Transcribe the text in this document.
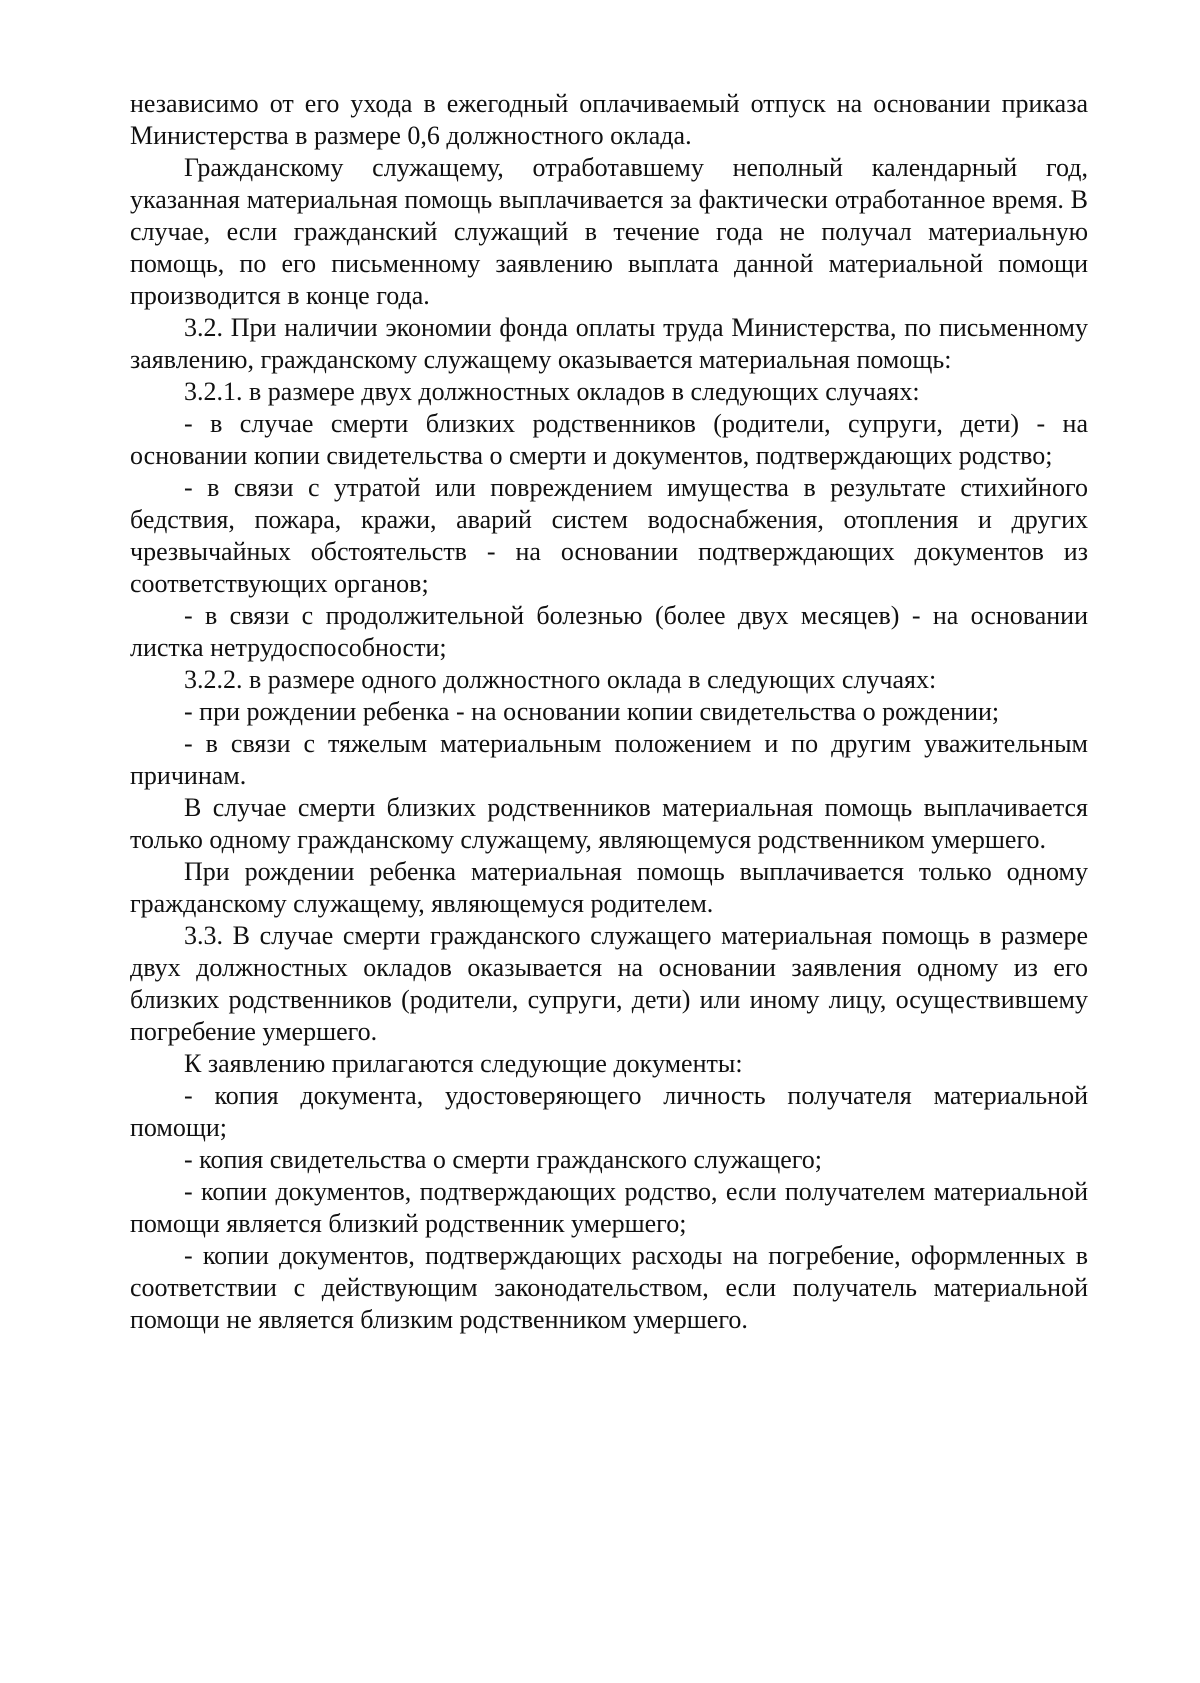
независимо от его ухода в ежегодный оплачиваемый отпуск на основании приказа Министерства в размере 0,6 должностного оклада.

Гражданскому служащему, отработавшему неполный календарный год, указанная материальная помощь выплачивается за фактически отработанное время. В случае, если гражданский служащий в течение года не получал материальную помощь, по его письменному заявлению выплата данной материальной помощи производится в конце года.

3.2. При наличии экономии фонда оплаты труда Министерства, по письменному заявлению, гражданскому служащему оказывается материальная помощь:

3.2.1. в размере двух должностных окладов в следующих случаях:

- в случае смерти близких родственников (родители, супруги, дети) - на основании копии свидетельства о смерти и документов, подтверждающих родство;

- в связи с утратой или повреждением имущества в результате стихийного бедствия, пожара, кражи, аварий систем водоснабжения, отопления и других чрезвычайных обстоятельств - на основании подтверждающих документов из соответствующих органов;

- в связи с продолжительной болезнью (более двух месяцев) - на основании листка нетрудоспособности;

3.2.2. в размере одного должностного оклада в следующих случаях:

- при рождении ребенка - на основании копии свидетельства о рождении;

- в связи с тяжелым материальным положением и по другим уважительным причинам.

В случае смерти близких родственников материальная помощь выплачивается только одному гражданскому служащему, являющемуся родственником умершего.

При рождении ребенка материальная помощь выплачивается только одному гражданскому служащему, являющемуся родителем.

3.3. В случае смерти гражданского служащего материальная помощь в размере двух должностных окладов оказывается на основании заявления одному из его близких родственников (родители, супруги, дети) или иному лицу, осуществившему погребение умершего.

К заявлению прилагаются следующие документы:

- копия документа, удостоверяющего личность получателя материальной помощи;

- копия свидетельства о смерти гражданского служащего;

- копии документов, подтверждающих родство, если получателем материальной помощи является близкий родственник умершего;

- копии документов, подтверждающих расходы на погребение, оформленных в соответствии с действующим законодательством, если получатель материальной помощи не является близким родственником умершего.
